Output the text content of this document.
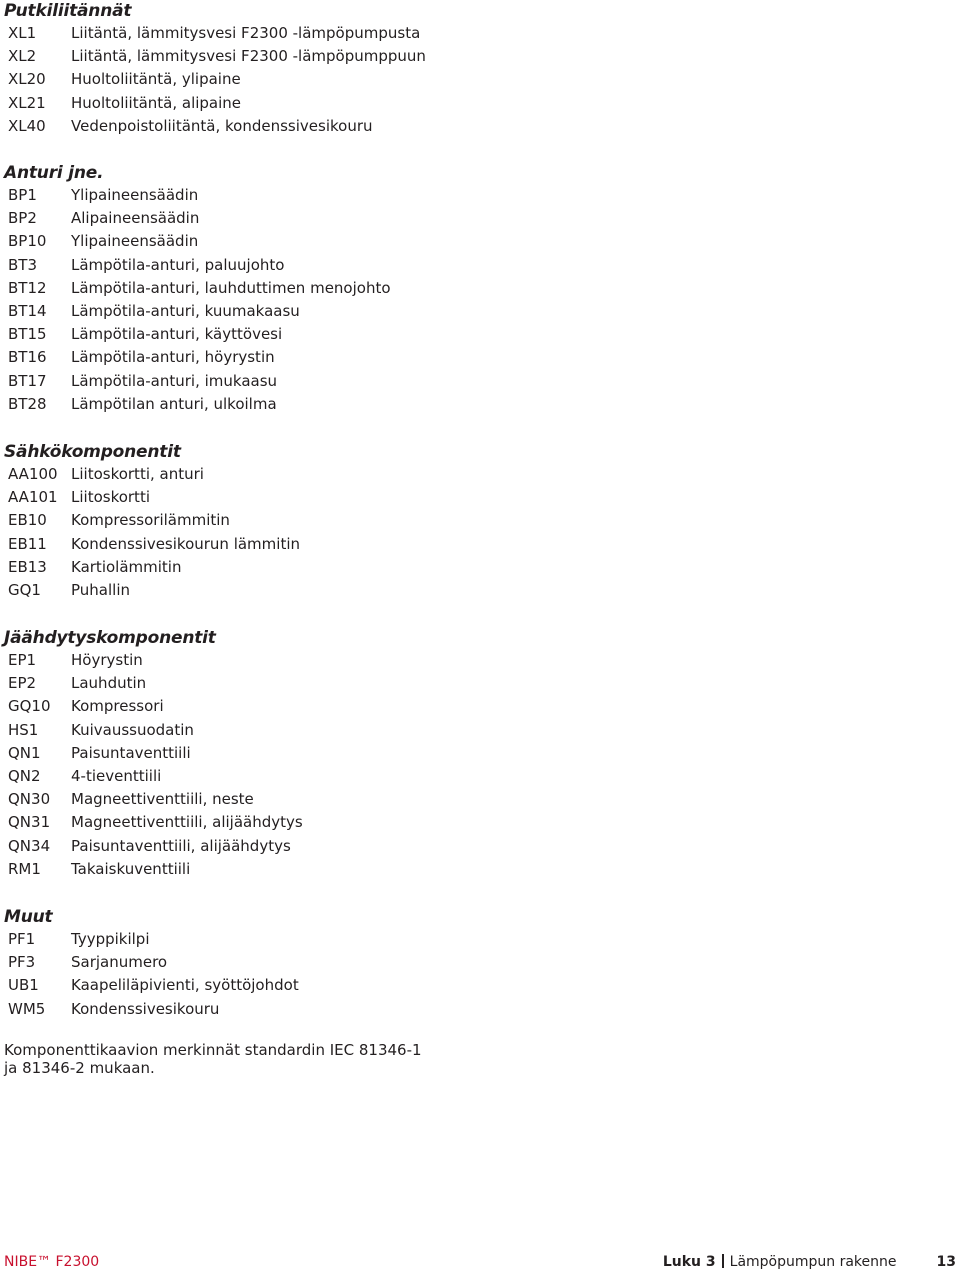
Putkiliitännät
XL1	Liitäntä, lämmitysvesi F2300 -lämpöpumpusta
XL2	Liitäntä, lämmitysvesi F2300 -lämpöpumppuun
XL20	Huoltoliitäntä, ylipaine
XL21	Huoltoliitäntä, alipaine
XL40	Vedenpoistoliitäntä, kondenssivesikouru
Anturi jne.
BP1	Ylipaineensäädin
BP2	Alipaineensäädin
BP10	Ylipaineensäädin
BT3	Lämpötila-anturi, paluujohto
BT12	Lämpötila-anturi, lauhduttimen menojohto
BT14	Lämpötila-anturi, kuumakaasu
BT15	Lämpötila-anturi, käyttövesi
BT16	Lämpötila-anturi, höyrystin
BT17	Lämpötila-anturi, imukaasu
BT28	Lämpötilan anturi, ulkoilma
Sähkökomponentit
AA100 Liitoskortti, anturi
AA101 Liitoskortti
EB10	Kompressorilämmitin
EB11	Kondenssivesikourun lämmitin
EB13	Kartiolämmitin
GQ1	Puhallin
Jäähdytyskomponentit
EP1	Höyrystin
EP2	Lauhdutin
GQ10	Kompressori
HS1	Kuivaussuodatin
QN1	Paisuntaventtiili
QN2	4-tieventtiili
QN30	Magneettiventtiili, neste
QN31	Magneettiventtiili, alijäähdytys
QN34	Paisuntaventtiili, alijäähdytys
RM1	Takaiskuventtiili
Muut
PF1	Tyyppikilpi
PF3	Sarjanumero
UB1	Kaapeliläpivienti, syöttöjohdot
WM5	Kondenssivesikouru
Komponenttikaavion merkinnät standardin IEC 81346-1 ja 81346-2 mukaan.
NIBE™ F2300	Luku 3 Lämpöpumpun rakenne	13
